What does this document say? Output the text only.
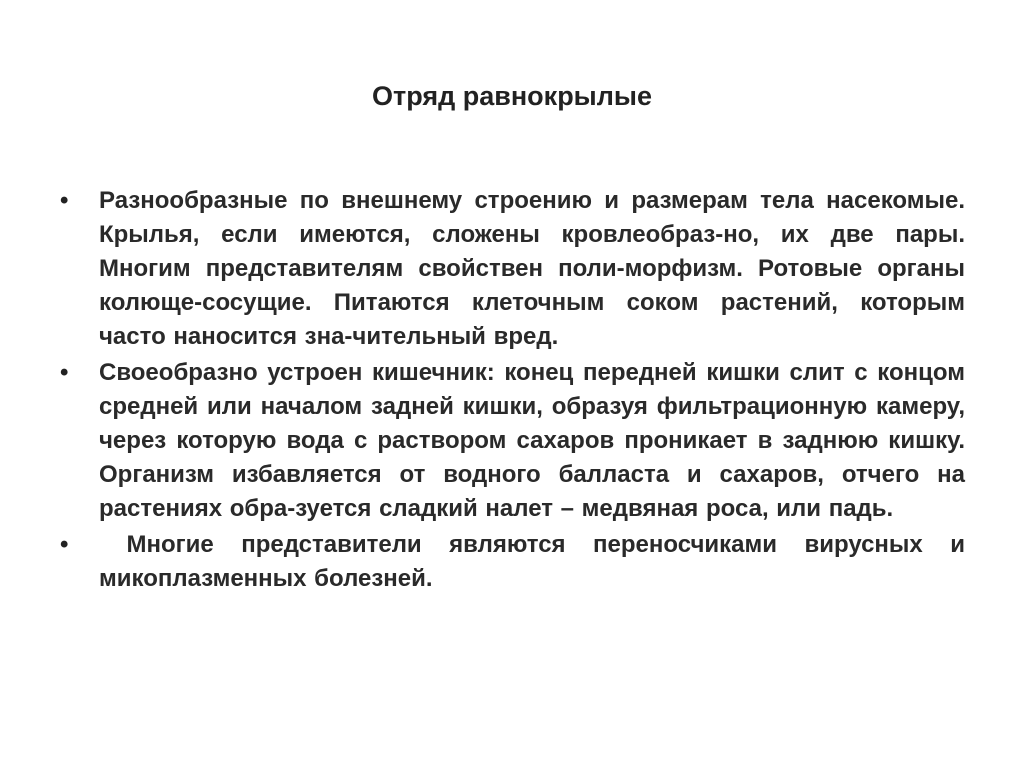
Отряд равнокрылые
• Разнообразные по внешнему строению и размерам тела насекомые. Крылья, если имеются, сложены кровлеобраз-но, их две пары. Многим представителям свойствен поли-морфизм. Ротовые органы колюще-сосущие. Питаются клеточным соком растений, которым часто наносится зна-чительный вред.
• Своеобразно устроен кишечник: конец передней кишки слит с концом средней или началом задней кишки, образуя фильтрационную камеру, через которую вода с раствором сахаров проникает в заднюю кишку. Организм избавляется от водного балласта и сахаров, отчего на растениях обра-зуется сладкий налет – медвяная роса, или падь.
• Многие представители являются переносчиками вирусных и микоплазменных болезней.
